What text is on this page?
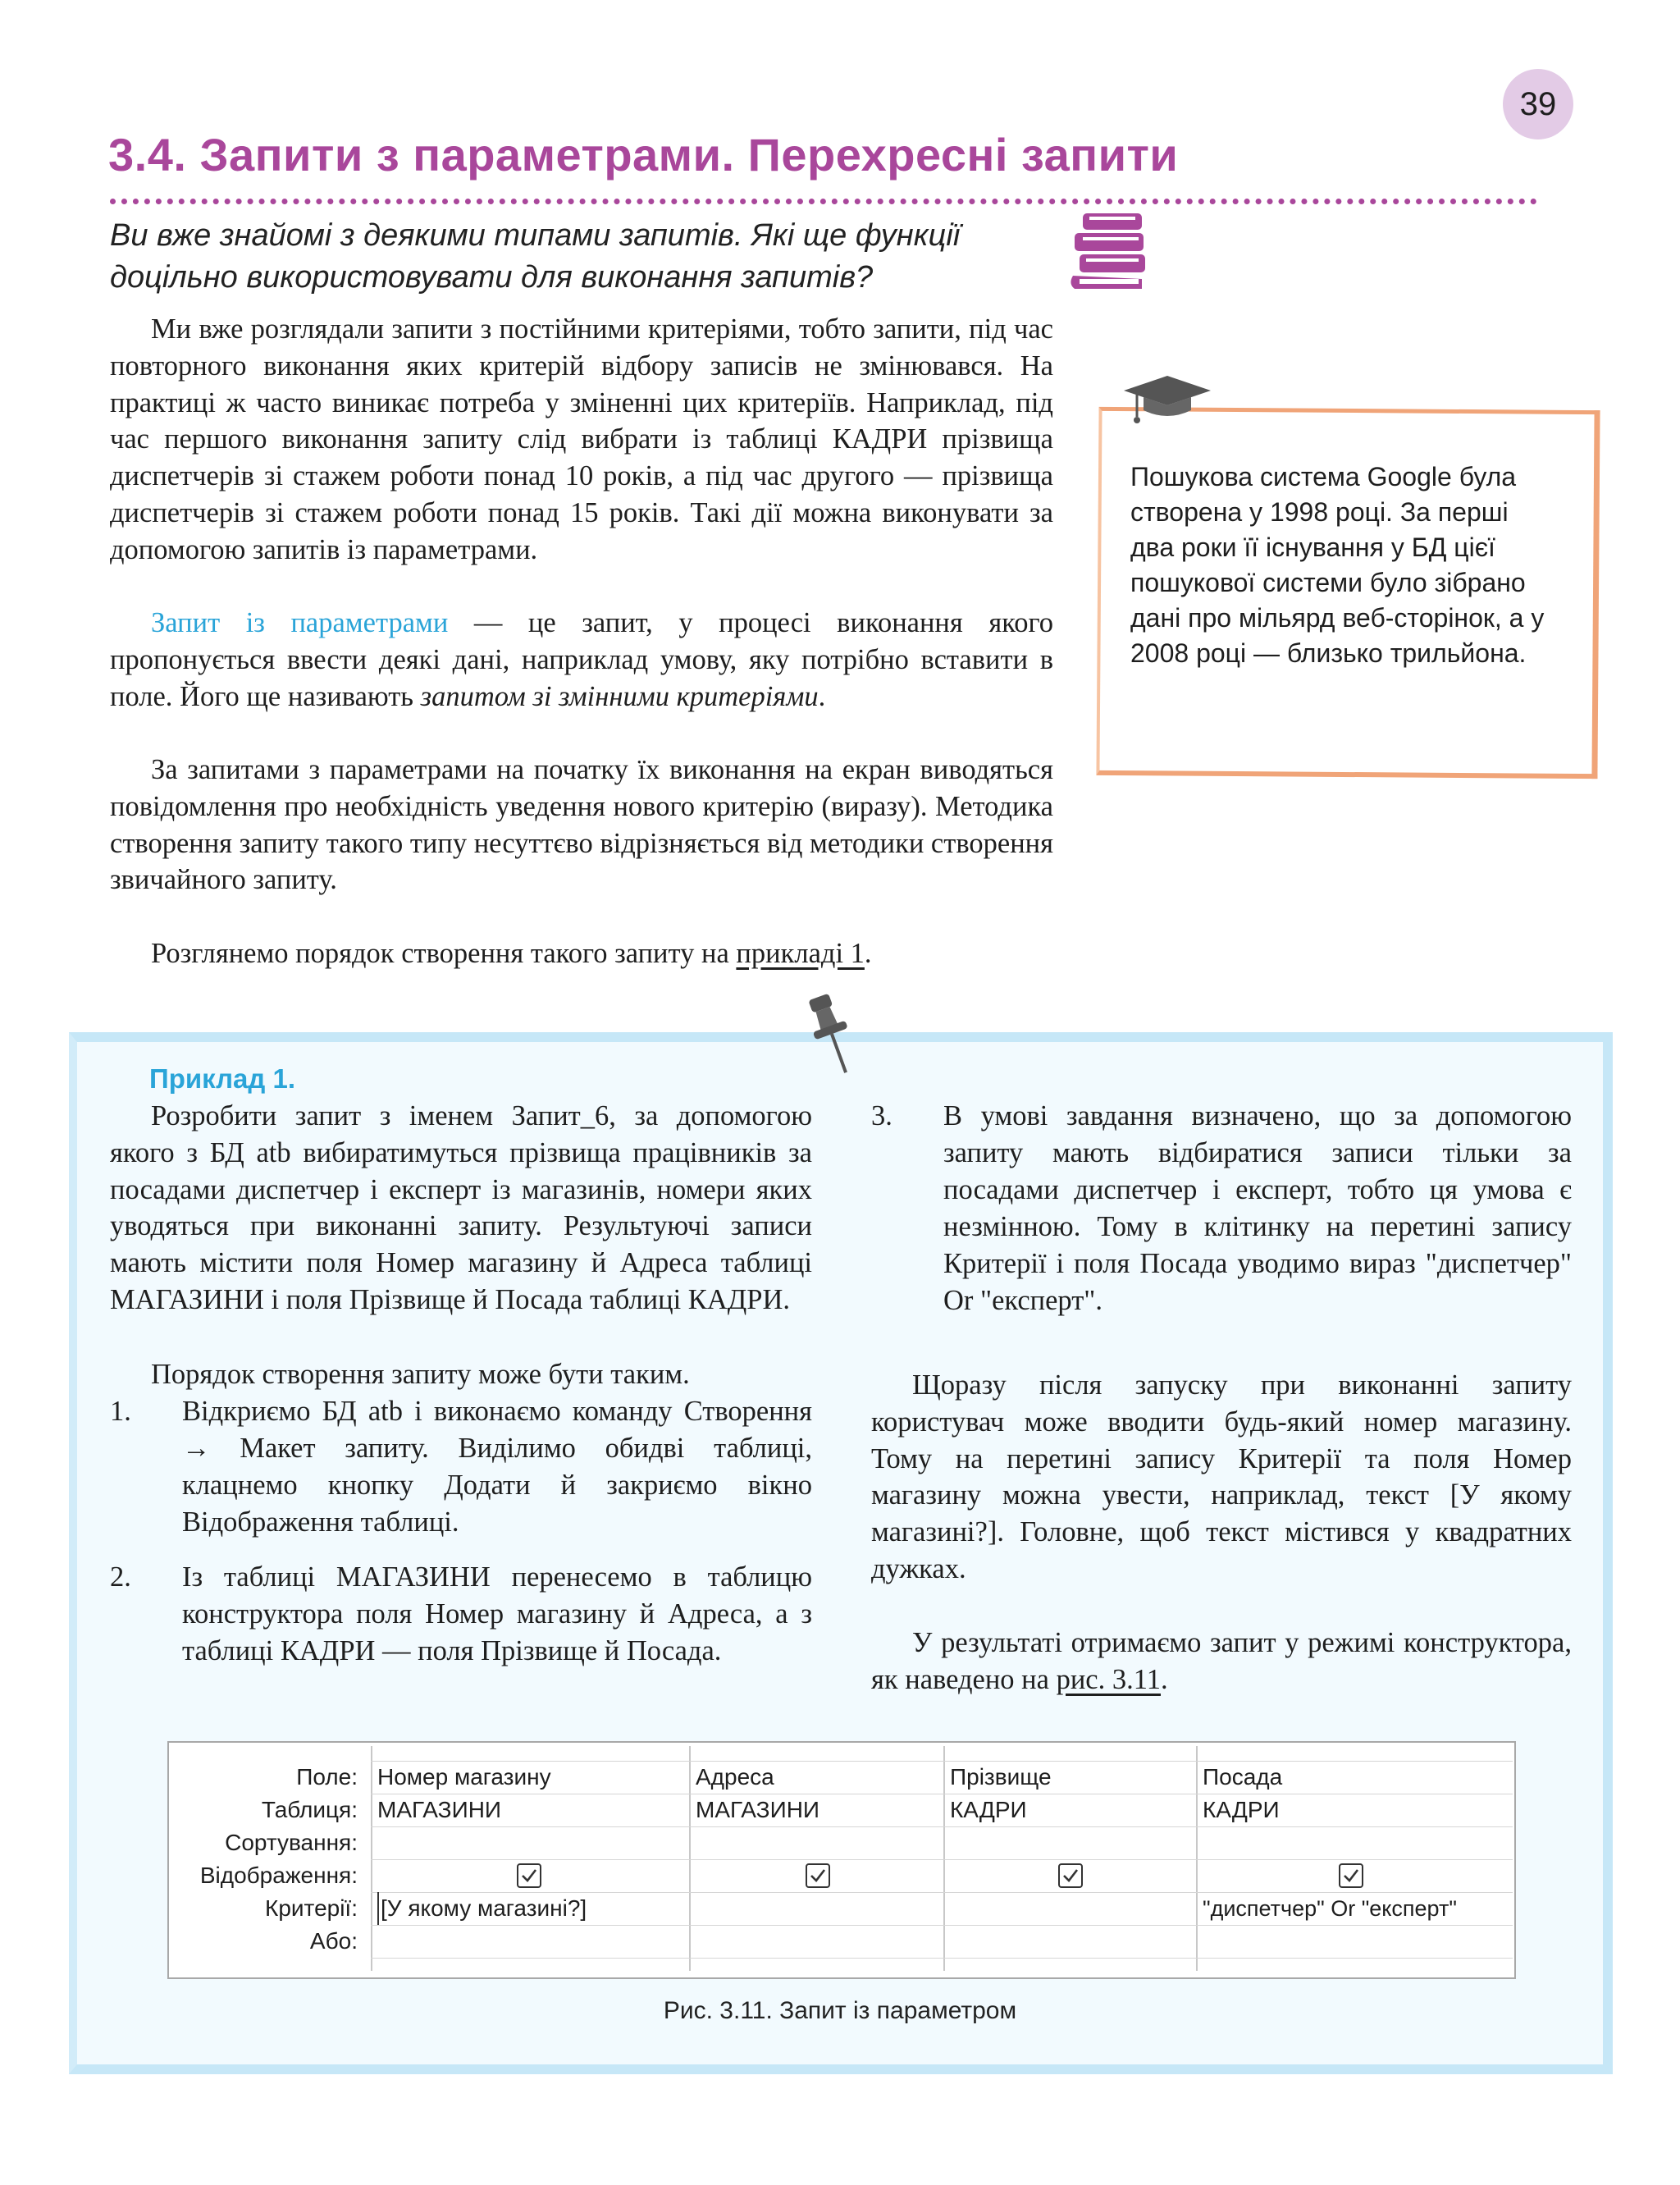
39
3.4. Запити з параметрами. Перехресні запити
Ви вже знайомі з деякими типами запитів. Які ще функції доцільно використовувати для виконання запитів?
Ми вже розглядали запити з постійними критеріями, тобто запити, під час повторного виконання яких критерій відбору записів не змінювався. На практиці ж часто виникає потреба у зміненні цих критеріїв. Наприклад, під час першого виконання запиту слід вибрати із таблиці КАДРИ прізвища диспетчерів зі стажем роботи понад 10 років, а під час другого — прізвища диспетчерів зі стажем роботи понад 15 років. Такі дії можна виконувати за допомогою запитів із параметрами.
Запит із параметрами — це запит, у процесі виконання якого пропонується ввести деякі дані, наприклад умову, яку потрібно вставити в поле. Його ще називають запитом зі змінними критеріями.
За запитами з параметрами на початку їх виконання на екран виводяться повідомлення про необхідність уведення нового критерію (виразу). Методика створення запиту такого типу несуттєво відрізняється від методики створення звичайного запиту.
Розглянемо порядок створення такого запиту на прикладі 1.
Пошукова система Google була створена у 1998 році. За перші два роки її існування у БД цієї пошукової системи було зібрано дані про мільярд веб-сторінок, а у 2008 році — близько трильйона.
Приклад 1.
Розробити запит з іменем Запит_6, за допомогою якого з БД atb вибиратимуться прізвища працівників за посадами диспетчер і експерт із магазинів, номери яких уводяться при виконанні запиту. Результуючі записи мають містити поля Номер магазину й Адреса таблиці МАГАЗИНИ і поля Прізвище й Посада таблиці КАДРИ.
Порядок створення запиту може бути таким.
1. Відкриємо БД atb і виконаємо команду Створення → Макет запиту. Виділимо обидві таблиці, клацнемо кнопку Додати й закриємо вікно Відображення таблиці.
2. Із таблиці МАГАЗИНИ перенесемо в таблицю конструктора поля Номер магазину й Адреса, а з таблиці КАДРИ — поля Прізвище й Посада.
3. В умові завдання визначено, що за допомогою запиту мають відбиратися записи тільки за посадами диспетчер і експерт, тобто ця умова є незмінною. Тому в клітинку на перетині запису Критерії і поля Посада уводимо вираз "диспетчер" Or "експерт".
Щоразу після запуску при виконанні запиту користувач може вводити будь-який номер магазину. Тому на перетині запису Критерії та поля Номер магазину можна увести, наприклад, текст [У якому магазині?]. Головне, щоб текст містився у квадратних дужках.
У результаті отримаємо запит у режимі конструктора, як наведено на рис. 3.11.
Поле:
Таблиця:
Сортування:
Відображення:
Критерії:
Або:
Номер магазину
МАГАЗИНИ
[У якому магазині?]
Адреса
МАГАЗИНИ
Прізвище
КАДРИ
Посада
КАДРИ
"диспетчер" Or "експерт"
Рис. 3.11. Запит із параметром
